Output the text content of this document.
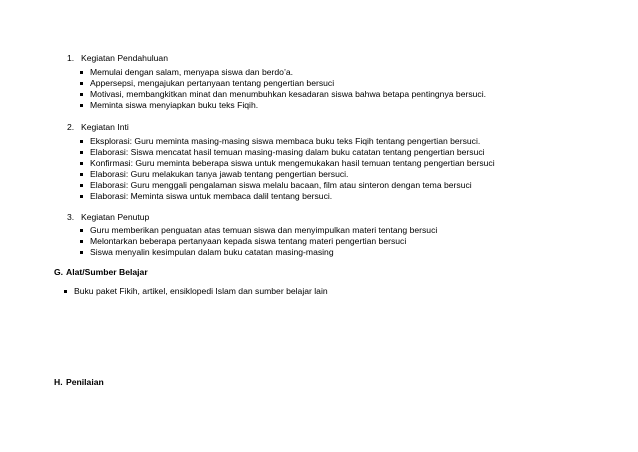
1. Kegiatan Pendahuluan
Memulai dengan salam, menyapa siswa dan berdo’a.
Appersepsi, mengajukan pertanyaan tentang pengertian bersuci
Motivasi, membangkitkan minat dan menumbuhkan kesadaran siswa bahwa betapa pentingnya bersuci.
Meminta siswa menyiapkan buku teks Fiqih.
2. Kegiatan Inti
Eksplorasi: Guru meminta masing-masing siswa membaca buku teks Fiqih tentang pengertian bersuci.
Elaborasi: Siswa mencatat hasil temuan masing-masing dalam buku catatan tentang pengertian bersuci
Konfirmasi: Guru meminta beberapa siswa untuk mengemukakan hasil temuan tentang pengertian bersuci
Elaborasi: Guru melakukan tanya jawab tentang pengertian bersuci.
Elaborasi: Guru menggali pengalaman siswa melalu bacaan, film atau sinteron dengan tema bersuci
Elaborasi: Meminta siswa untuk membaca dalil tentang bersuci.
3. Kegiatan Penutup
Guru memberikan penguatan atas temuan siswa dan menyimpulkan materi tentang bersuci
Melontarkan beberapa pertanyaan kepada siswa tentang materi pengertian bersuci
Siswa menyalin kesimpulan dalam buku catatan masing-masing
G. Alat/Sumber Belajar
Buku paket Fikih, artikel, ensiklopedi Islam dan sumber belajar lain
H. Penilaian
